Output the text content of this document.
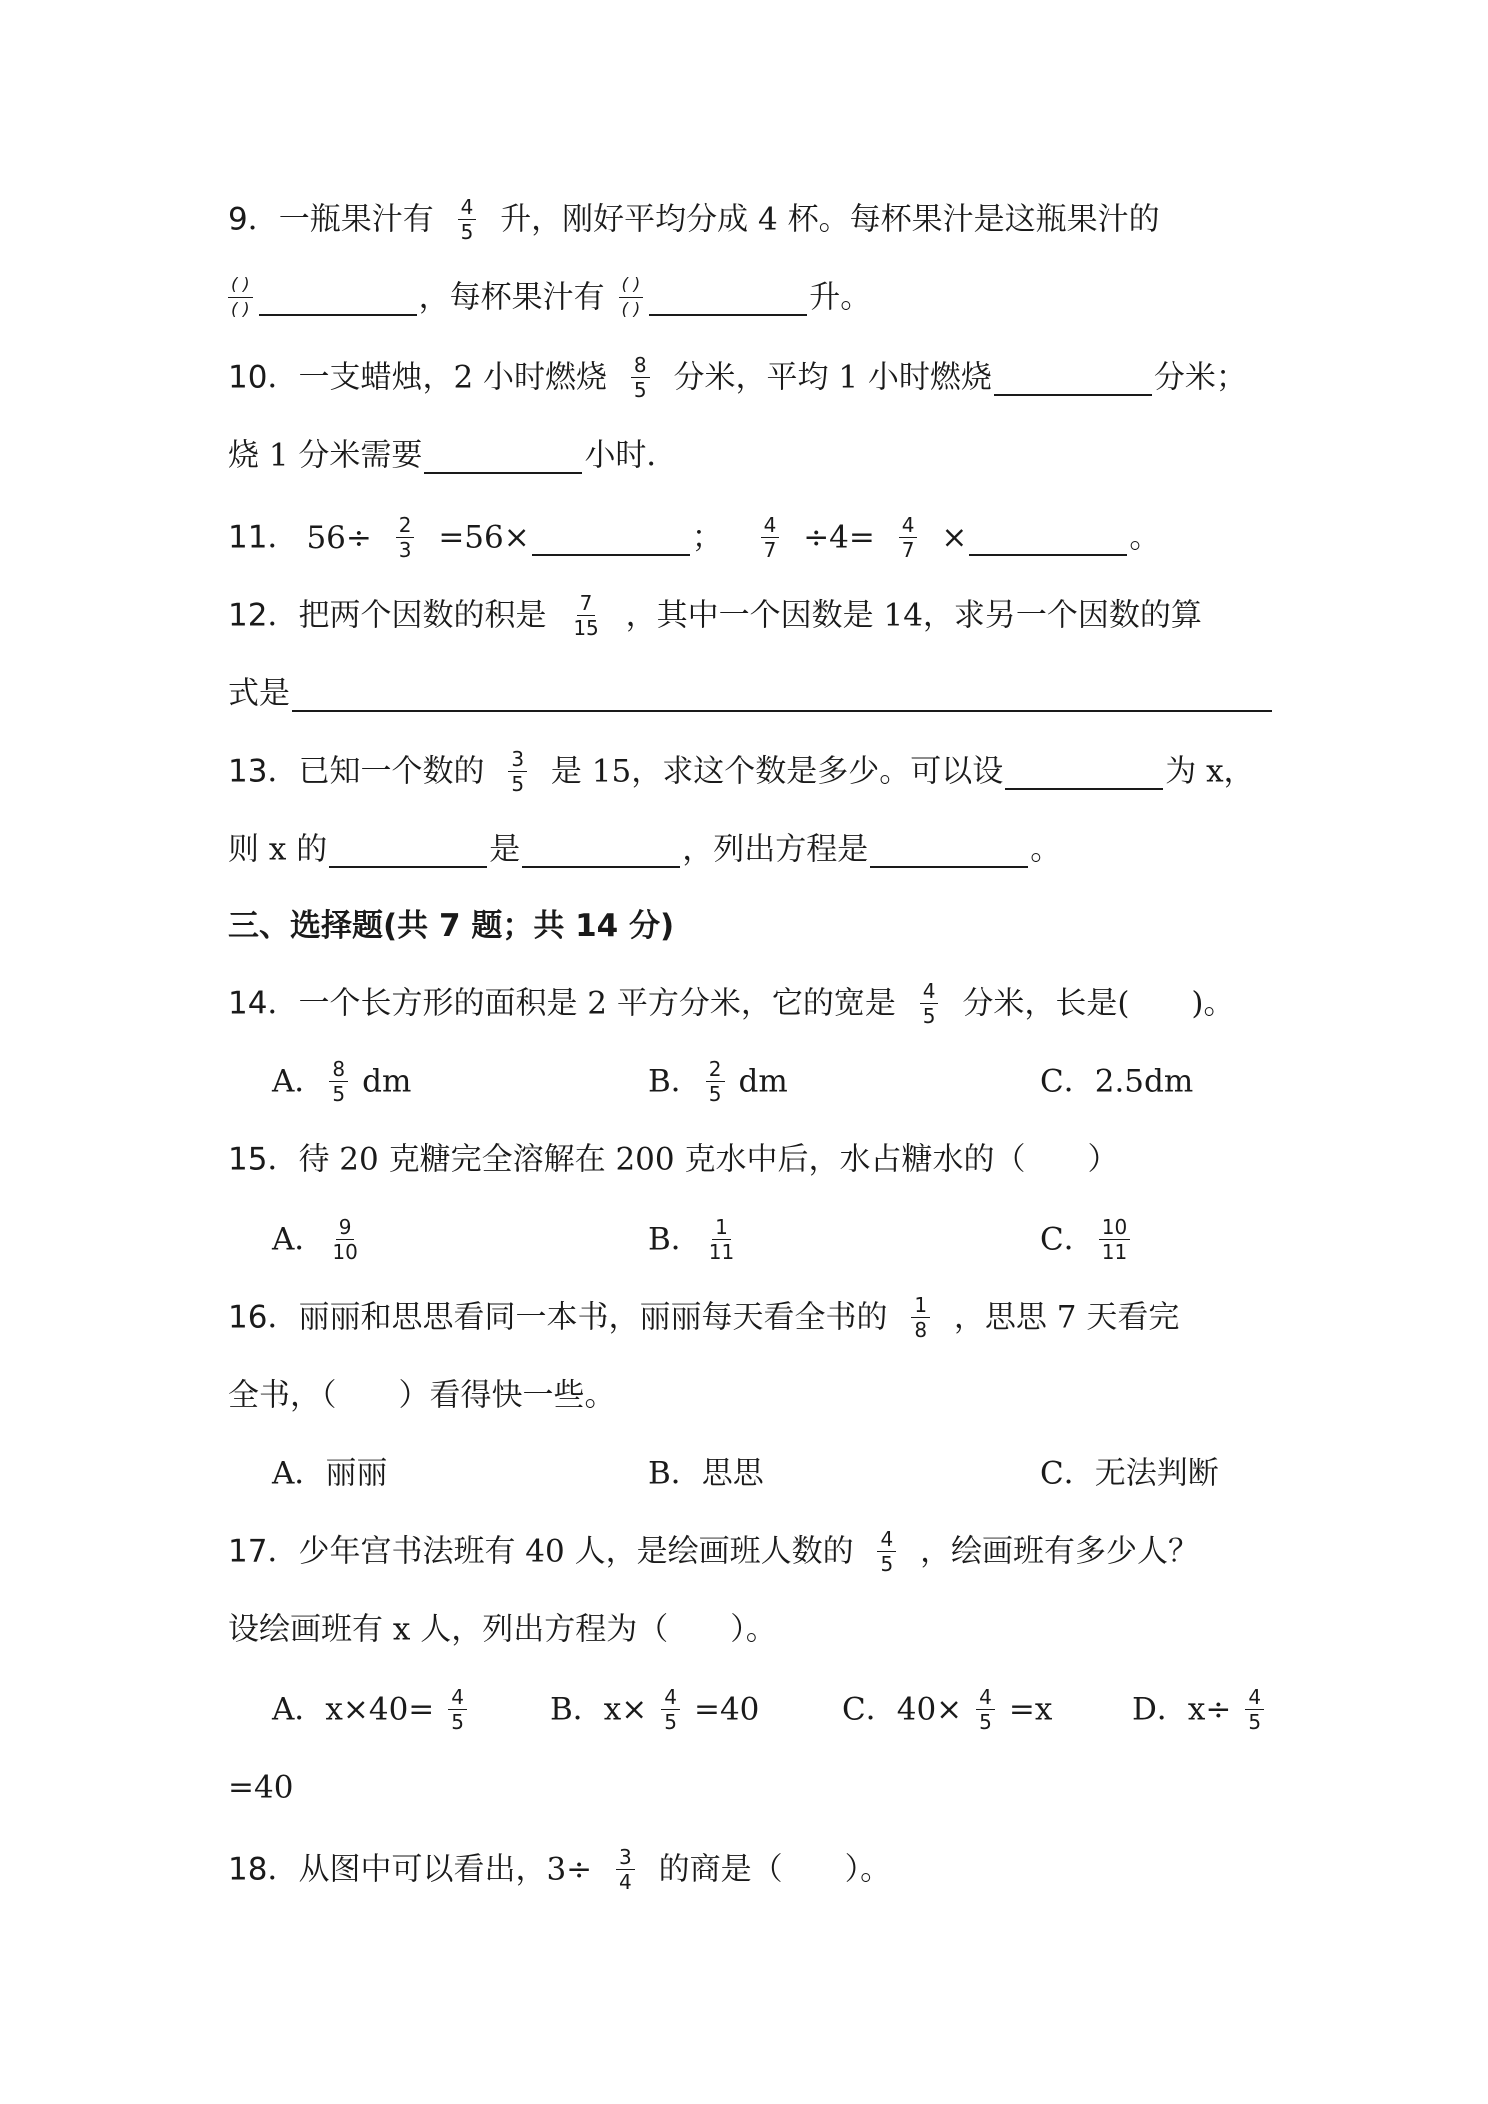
9．一瓶果汁有 $\frac{4}{5}$ 升，刚好平均分成 4 杯。每杯果汁是这瓶果汁的
$\frac{( )}{( )}$	，每杯果汁有 $\frac{( )}{( )}$	升。
10．一支蜡烛，2 小时燃烧 $\frac{8}{5}$ 分米，平均 1 小时燃烧	分米；
烧 1 分米需要	小时．
11． $56\div \frac{2}{3} =56\times$	； $\frac{4}{7} \div 4= \frac{4}{7}$ ×	。
12．把两个因数的积是 $\frac{7}{15}$ ，其中一个因数是 14，求另一个因数的算
式是
13．已知一个数的 $\frac{3}{5}$ 是 15，求这个数是多少。可以设	为 x，
则 x 的	是	，列出方程是	。
三、选择题(共 7 题；共 14 分)
14．一个长方形的面积是 2 平方分米，它的宽是 $\frac{4}{5}$ 分米，长是(　　)。
A． $\frac{8}{5}$ dm	B． $\frac{2}{5}$ dm	C．2.5dm
15．待 20 克糖完全溶解在 200 克水中后，水占糖水的（　　）
A． $\frac{9}{10}$	B． $\frac{1}{11}$	C． $\frac{10}{11}$
16．丽丽和思思看同一本书，丽丽每天看全书的 $\frac{1}{8}$ ，思思 7 天看完
全书，（　　）看得快一些。
A．丽丽	B．思思	C．无法判断
17．少年宫书法班有 40 人，是绘画班人数的 $\frac{4}{5}$ ，绘画班有多少人？
设绘画班有 x 人，列出方程为（　　）。
A．$x\times 40= \frac{4}{5}$	B．$x\times \frac{4}{5} =40$	C．$40\times \frac{4}{5} =x$	D．$x\div \frac{4}{5}$
=40
18．从图中可以看出，$3\div \frac{3}{4}$ 的商是（　　）。
